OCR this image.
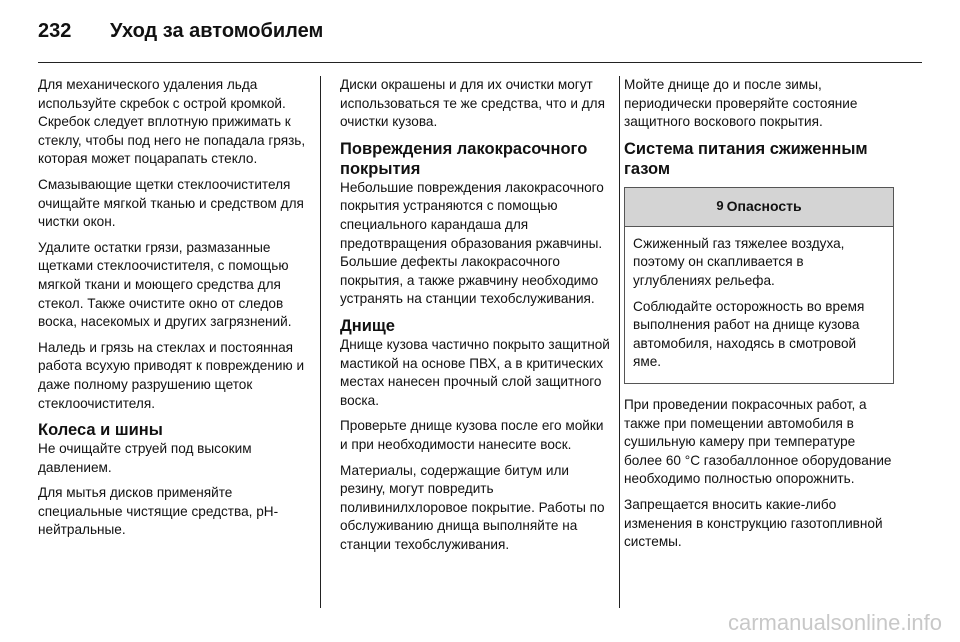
232	Уход за автомобилем

Для механического удаления льда используйте скребок с острой кромкой. Скребок следует вплотную прижимать к стеклу, чтобы под него не попадала грязь, которая может поцарапать стекло.

Смазывающие щетки стеклоочистителя очищайте мягкой тканью и средством для чистки окон.

Удалите остатки грязи, размазанные щетками стеклоочистителя, с помощью мягкой ткани и моющего средства для стекол. Также очистите окно от следов воска, насекомых и других загрязнений.

Наледь и грязь на стеклах и постоянная работа всухую приводят к повреждению и даже полному разрушению щеток стеклоочистителя.

Колеса и шины

Не очищайте струей под высоким давлением.

Для мытья дисков применяйте специальные чистящие средства, pH-нейтральные.

Диски окрашены и для их очистки могут использоваться те же средства, что и для очистки кузова.

Повреждения лакокрасочного покрытия

Небольшие повреждения лакокрасочного покрытия устраняются с помощью специального карандаша для предотвращения образования ржавчины. Большие дефекты лакокрасочного покрытия, а также ржавчину необходимо устранять на станции техобслуживания.

Днище

Днище кузова частично покрыто защитной мастикой на основе ПВХ, а в критических местах нанесен прочный слой защитного воска.

Проверьте днище кузова после его мойки и при необходимости нанесите воск.

Материалы, содержащие битум или резину, могут повредить поливинилхлоровое покрытие. Работы по обслуживанию днища выполняйте на станции техобслуживания.

Мойте днище до и после зимы, периодически проверяйте состояние защитного воскового покрытия.

Система питания сжиженным газом
9 Опасность

Сжиженный газ тяжелее воздуха, поэтому он скапливается в углублениях рельефа.

Соблюдайте осторожность во время выполнения работ на днище кузова автомобиля, находясь в смотровой яме.

При проведении покрасочных работ, а также при помещении автомобиля в сушильную камеру при температуре более 60 °C газобаллонное оборудование необходимо полностью опорожнить.

Запрещается вносить какие-либо изменения в конструкцию газотопливной системы.

carmanualsonline.info
